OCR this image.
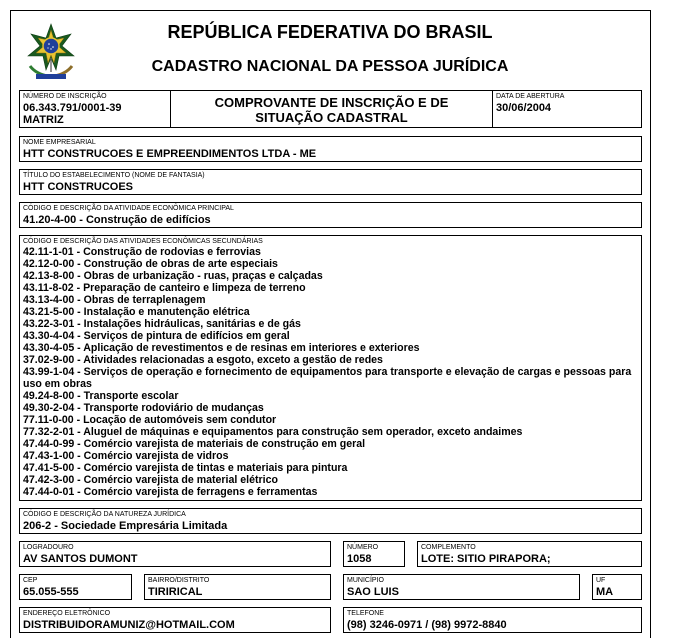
REPÚBLICA FEDERATIVA DO BRASIL
CADASTRO NACIONAL DA PESSOA JURÍDICA
NÚMERO DE INSCRIÇÃO
06.343.791/0001-39
MATRIZ
COMPROVANTE DE INSCRIÇÃO E DE
SITUAÇÃO CADASTRAL
DATA DE ABERTURA
30/06/2004
NOME EMPRESARIAL
HTT CONSTRUCOES E EMPREENDIMENTOS LTDA - ME
TÍTULO DO ESTABELECIMENTO (NOME DE FANTASIA)
HTT CONSTRUCOES
CÓDIGO E DESCRIÇÃO DA ATIVIDADE ECONÔMICA PRINCIPAL
41.20-4-00 - Construção de edifícios
CÓDIGO E DESCRIÇÃO DAS ATIVIDADES ECONÔMICAS SECUNDÁRIAS
42.11-1-01 - Construção de rodovias e ferrovias
42.12-0-00 - Construção de obras de arte especiais
42.13-8-00 - Obras de urbanização - ruas, praças e calçadas
43.11-8-02 - Preparação de canteiro e limpeza de terreno
43.13-4-00 - Obras de terraplenagem
43.21-5-00 - Instalação e manutenção elétrica
43.22-3-01 - Instalações hidráulicas, sanitárias e de gás
43.30-4-04 - Serviços de pintura de edifícios em geral
43.30-4-05 - Aplicação de revestimentos e de resinas em interiores e exteriores
37.02-9-00 - Atividades relacionadas a esgoto, exceto a gestão de redes
43.99-1-04 - Serviços de operação e fornecimento de equipamentos para transporte e elevação de cargas e pessoas para uso em obras
49.24-8-00 - Transporte escolar
49.30-2-04 - Transporte rodoviário de mudanças
77.11-0-00 - Locação de automóveis sem condutor
77.32-2-01 - Aluguel de máquinas e equipamentos para construção sem operador, exceto andaimes
47.44-0-99 - Comércio varejista de materiais de construção em geral
47.43-1-00 - Comércio varejista de vidros
47.41-5-00 - Comércio varejista de tintas e materiais para pintura
47.42-3-00 - Comércio varejista de material elétrico
47.44-0-01 - Comércio varejista de ferragens e ferramentas
CÓDIGO E DESCRIÇÃO DA NATUREZA JURÍDICA
206-2 - Sociedade Empresária Limitada
LOGRADOURO
AV SANTOS DUMONT
NÚMERO
1058
COMPLEMENTO
LOTE: SITIO PIRAPORA;
CEP
65.055-555
BAIRRO/DISTRITO
TIRIRICAL
MUNICÍPIO
SAO LUIS
UF
MA
ENDEREÇO ELETRÔNICO
DISTRIBUIDORAMUNIZ@HOTMAIL.COM
TELEFONE
(98) 3246-0971 / (98) 9972-8840
